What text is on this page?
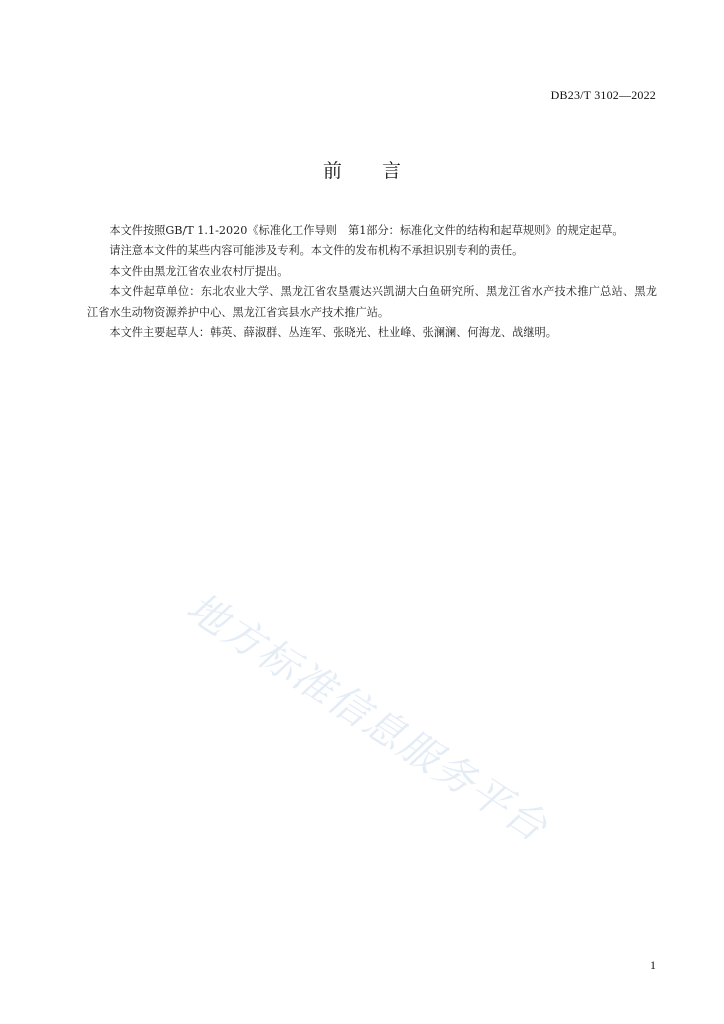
DB23/T 3102—2022
前言

本文件按照GB/T 1.1-2020《标准化工作导则　第1部分：标准化文件的结构和起草规则》的规定起草。

请注意本文件的某些内容可能涉及专利。本文件的发布机构不承担识别专利的责任。

本文件由黑龙江省农业农村厅提出。

本文件起草单位：东北农业大学、黑龙江省农垦震达兴凯湖大白鱼研究所、黑龙江省水产技术推广总站、黑龙江省水生动物资源养护中心、黑龙江省宾县水产技术推广站。

本文件主要起草人：韩英、薛淑群、丛连军、张晓光、杜业峰、张澜澜、何海龙、战继明。

地方标准信息服务平台
1
